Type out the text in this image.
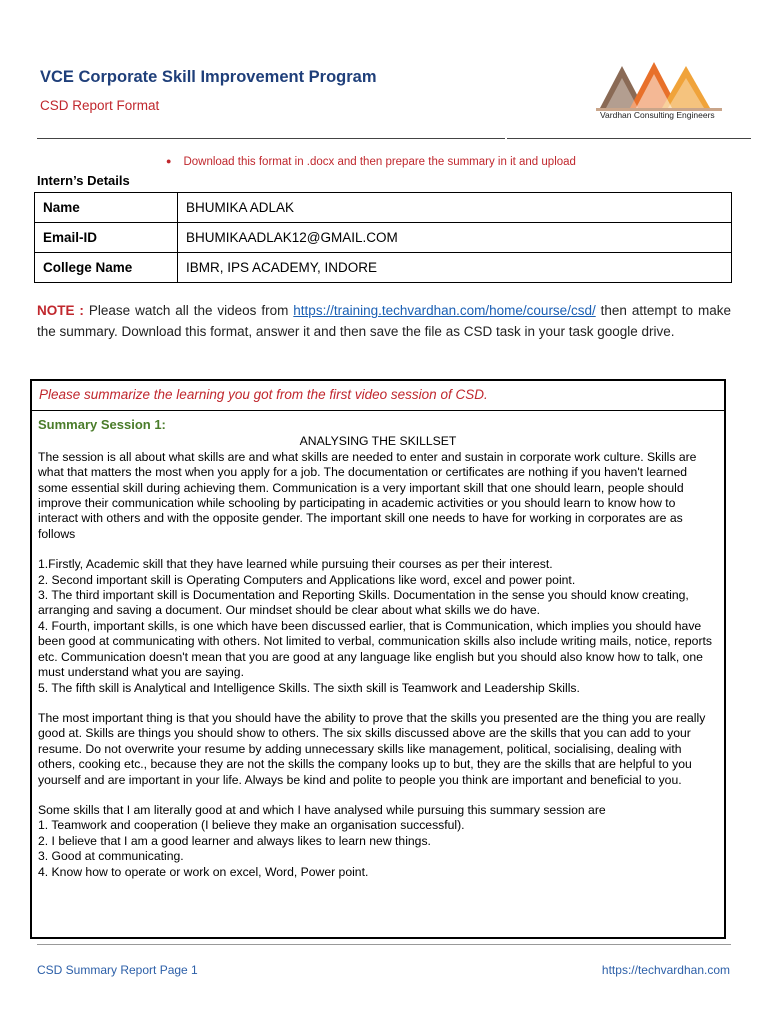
VCE Corporate Skill Improvement Program
CSD Report Format
Vardhan Consulting Engineers
● Download this format in .docx and then prepare the summary in it and upload
Intern’s Details
Name	BHUMIKA ADLAK
Email-ID	BHUMIKAADLAK12@GMAIL.COM
College Name	IBMR, IPS ACADEMY, INDORE
NOTE : Please watch all the videos from https://training.techvardhan.com/home/course/csd/ then attempt to make the summary. Download this format, answer it and then save the file as CSD task in your task google drive.
Please summarize the learning you got from the first video session of CSD.
Summary Session 1:
ANALYSING THE SKILLSET

The session is all about what skills are and what skills are needed to enter and sustain in corporate work culture. Skills are what that matters the most when you apply for a job. The documentation or certificates are nothing if you haven't learned some essential skill during achieving them. Communication is a very important skill that one should learn, people should improve their communication while schooling by participating in academic activities or you should learn to know how to interact with others and with the opposite gender. The important skill one needs to have for working in corporates are as follows

1.Firstly, Academic skill that they have learned while pursuing their courses as per their interest.

2. Second important skill is Operating Computers and Applications like word, excel and power point.

3. The third important skill is Documentation and Reporting Skills. Documentation in the sense you should know creating, arranging and saving a document. Our mindset should be clear about what skills we do have.

4. Fourth, important skills, is one which have been discussed earlier, that is Communication, which implies you should have been good at communicating with others. Not limited to verbal, communication skills also include writing mails, notice, reports etc. Communication doesn't mean that you are good at any language like english but you should also know how to talk, one must understand what you are saying.

5. The fifth skill is Analytical and Intelligence Skills. The sixth skill is Teamwork and Leadership Skills.

The most important thing is that you should have the ability to prove that the skills you presented are the thing you are really good at. Skills are things you should show to others. The six skills discussed above are the skills that you can add to your resume. Do not overwrite your resume by adding unnecessary skills like management, political, socialising, dealing with others, cooking etc., because they are not the skills the company looks up to but, they are the skills that are helpful to you yourself and are important in your life. Always be kind and polite to people you think are important and beneficial to you.

Some skills that I am literally good at and which I have analysed while pursuing this summary session are

1. Teamwork and cooperation (I believe they make an organisation successful).

2. I believe that I am a good learner and always likes to learn new things.

3. Good at communicating.

4. Know how to operate or work on excel, Word, Power point.

CSD Summary Report Page 1	https://techvardhan.com
